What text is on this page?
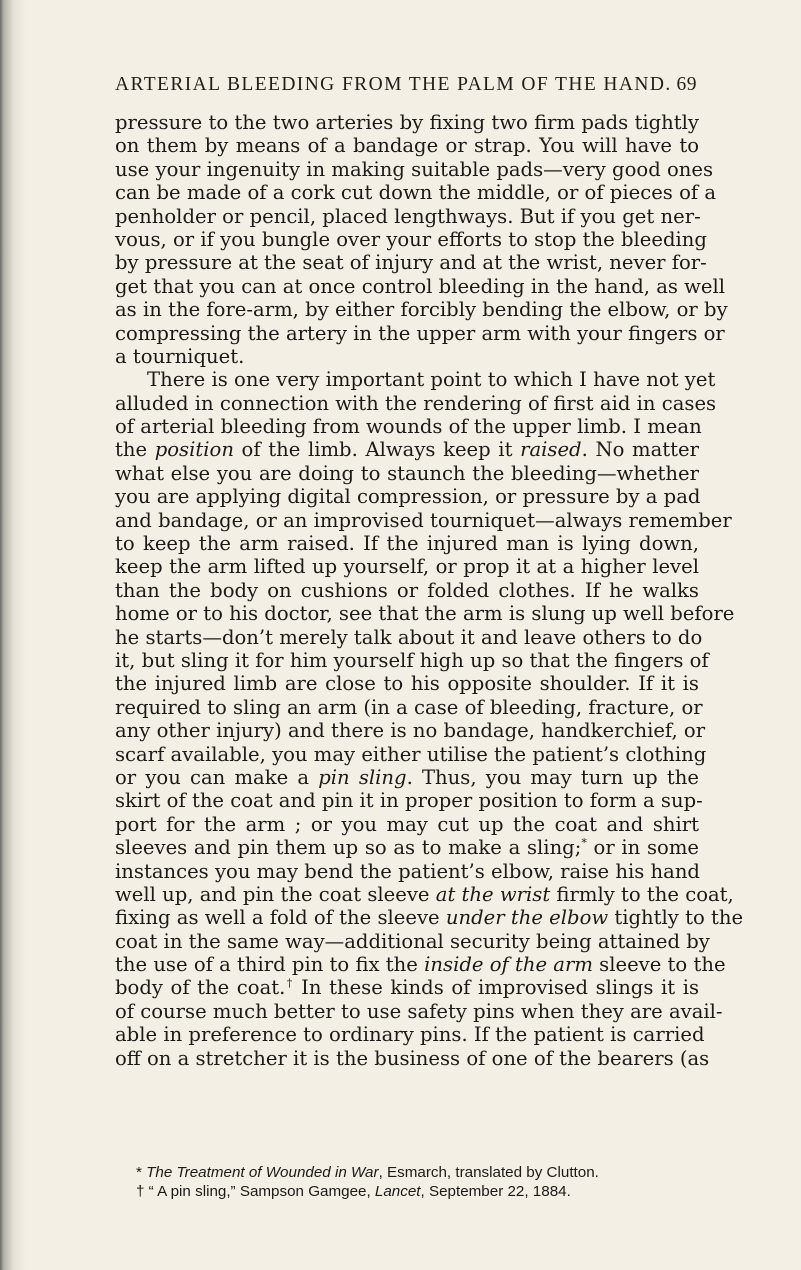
ARTERIAL BLEEDING FROM THE PALM OF THE HAND. 69
pressure to the two arteries by fixing two firm pads tightly
on them by means of a bandage or strap. You will have to
use your ingenuity in making suitable pads—very good ones
can be made of a cork cut down the middle, or of pieces of a
penholder or pencil, placed lengthways. But if you get ner-
vous, or if you bungle over your efforts to stop the bleeding
by pressure at the seat of injury and at the wrist, never for-
get that you can at once control bleeding in the hand, as well
as in the fore-arm, by either forcibly bending the elbow, or by
compressing the artery in the upper arm with your fingers or
a tourniquet.
There is one very important point to which I have not yet
alluded in connection with the rendering of first aid in cases
of arterial bleeding from wounds of the upper limb. I mean
the position of the limb. Always keep it raised. No matter
what else you are doing to staunch the bleeding—whether
you are applying digital compression, or pressure by a pad
and bandage, or an improvised tourniquet—always remember
to keep the arm raised. If the injured man is lying down,
keep the arm lifted up yourself, or prop it at a higher level
than the body on cushions or folded clothes. If he walks
home or to his doctor, see that the arm is slung up well before
he starts—don’t merely talk about it and leave others to do
it, but sling it for him yourself high up so that the fingers of
the injured limb are close to his opposite shoulder. If it is
required to sling an arm (in a case of bleeding, fracture, or
any other injury) and there is no bandage, handkerchief, or
scarf available, you may either utilise the patient’s clothing
or you can make a pin sling. Thus, you may turn up the
skirt of the coat and pin it in proper position to form a sup-
port for the arm ; or you may cut up the coat and shirt
sleeves and pin them up so as to make a sling;* or in some
instances you may bend the patient’s elbow, raise his hand
well up, and pin the coat sleeve at the wrist firmly to the coat,
fixing as well a fold of the sleeve under the elbow tightly to the
coat in the same way—additional security being attained by
the use of a third pin to fix the inside of the arm sleeve to the
body of the coat.† In these kinds of improvised slings it is
of course much better to use safety pins when they are avail-
able in preference to ordinary pins. If the patient is carried
off on a stretcher it is the business of one of the bearers (as
* The Treatment of Wounded in War, Esmarch, translated by Clutton.
† “ A pin sling,” Sampson Gamgee, Lancet, September 22, 1884.
